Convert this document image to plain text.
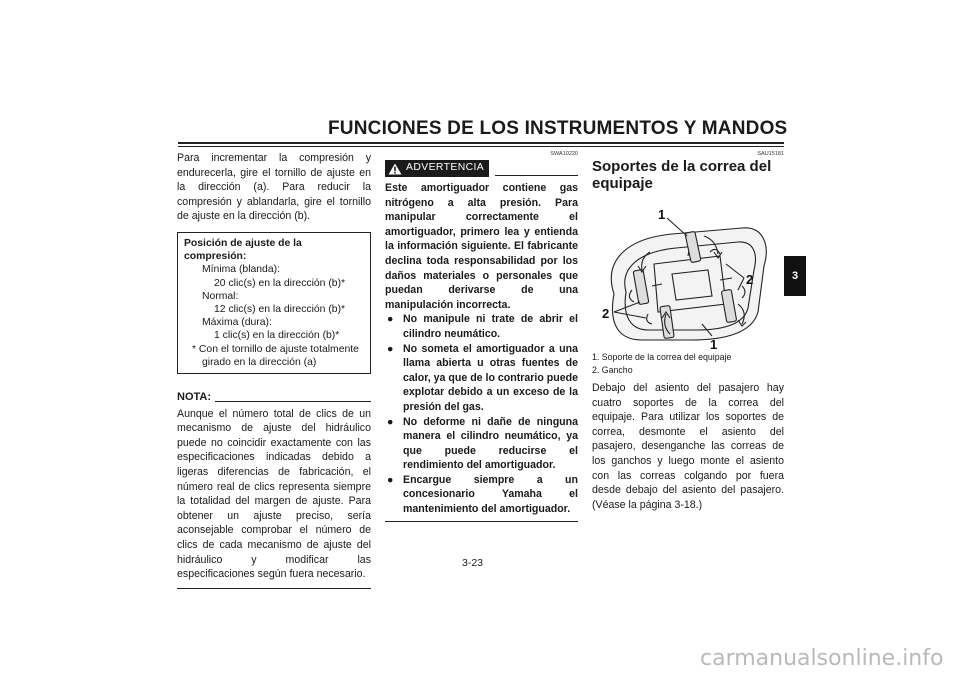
FUNCIONES DE LOS INSTRUMENTOS Y MANDOS

Para incrementar la compresión y endurecerla, gire el tornillo de ajuste en la dirección (a). Para reducir la compresión y ablandarla, gire el tornillo de ajuste en la dirección (b).

Posición de ajuste de la compresión:
Mínima (blanda):
20 clic(s) en la dirección (b)*
Normal:
12 clic(s) en la dirección (b)*
Máxima (dura):
1 clic(s) en la dirección (b)*
* Con el tornillo de ajuste totalmente
girado en la dirección (a)
NOTA:

Aunque el número total de clics de un mecanismo de ajuste del hidráulico puede no coincidir exactamente con las especificaciones indicadas debido a ligeras diferencias de fabricación, el número real de clics representa siempre la totalidad del margen de ajuste. Para obtener un ajuste preciso, sería aconsejable comprobar el número de clics de cada mecanismo de ajuste del hidráulico y modificar las especificaciones según fuera necesario.

SWA10220
ADVERTENCIA

Este amortiguador contiene gas nitrógeno a alta presión. Para manipular correctamente el amortiguador, primero lea y entienda la información siguiente. El fabricante declina toda responsabilidad por los daños materiales o personales que puedan derivarse de una manipulación incorrecta.

● No manipule ni trate de abrir el cilindro neumático.
● No someta el amortiguador a una llama abierta u otras fuentes de calor, ya que de lo contrario puede explotar debido a un exceso de la presión del gas.
● No deforme ni dañe de ninguna manera el cilindro neumático, ya que puede reducirse el rendimiento del amortiguador.
● Encargue siempre a un concesionario Yamaha el mantenimiento del amortiguador.
SAU15181
Soportes de la correa del equipaje
1
2
2
1
1. Soporte de la correa del equipaje
2. Gancho

Debajo del asiento del pasajero hay cuatro soportes de la correa del equipaje. Para utilizar los soportes de correa, desmonte el asiento del pasajero, desenganche las correas de los ganchos y luego monte el asiento con las correas colgando por fuera desde debajo del asiento del pasajero. (Véase la página 3-18.)

3-23
3
carmanualsonline.info
